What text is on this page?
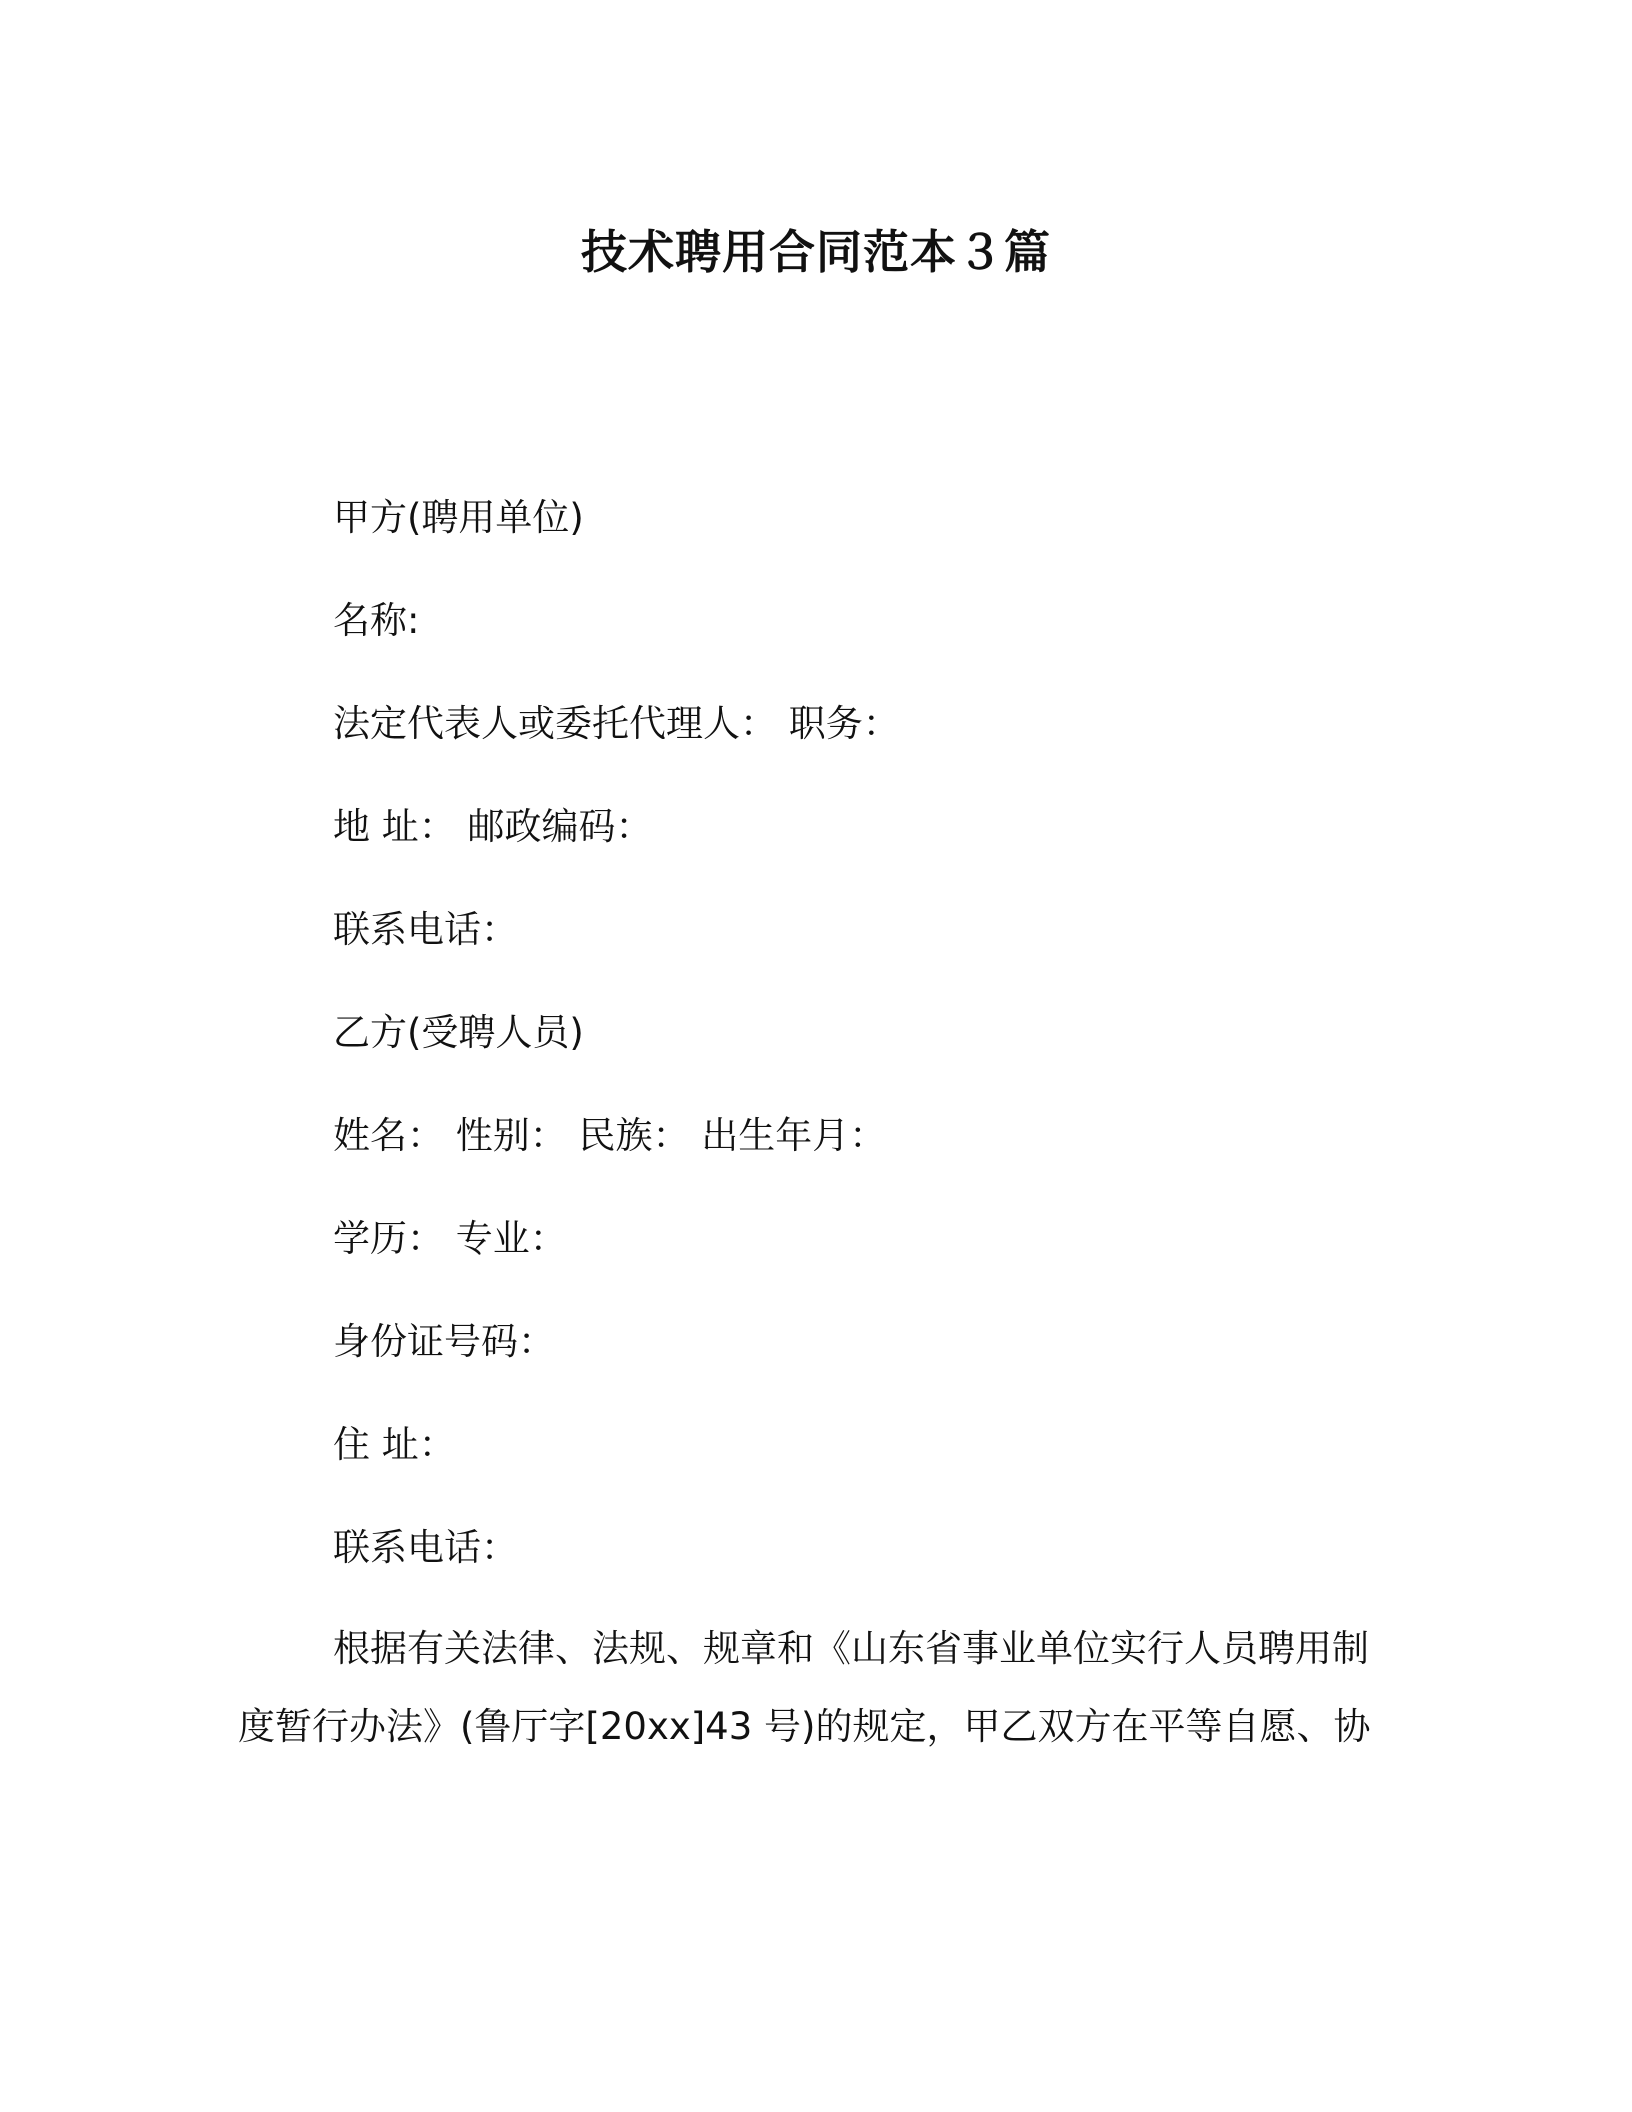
技术聘用合同范本３篇
甲方(聘用单位)
名称:
法定代表人或委托代理人： 职务：
地 址： 邮政编码：
联系电话：
乙方(受聘人员)
姓名： 性别： 民族： 出生年月：
学历： 专业：
身份证号码：
住 址：
联系电话：
根据有关法律、法规、规章和《山东省事业单位实行人员聘用制
度暂行办法》(鲁厅字[20xx]43 号)的规定，甲乙双方在平等自愿、协
